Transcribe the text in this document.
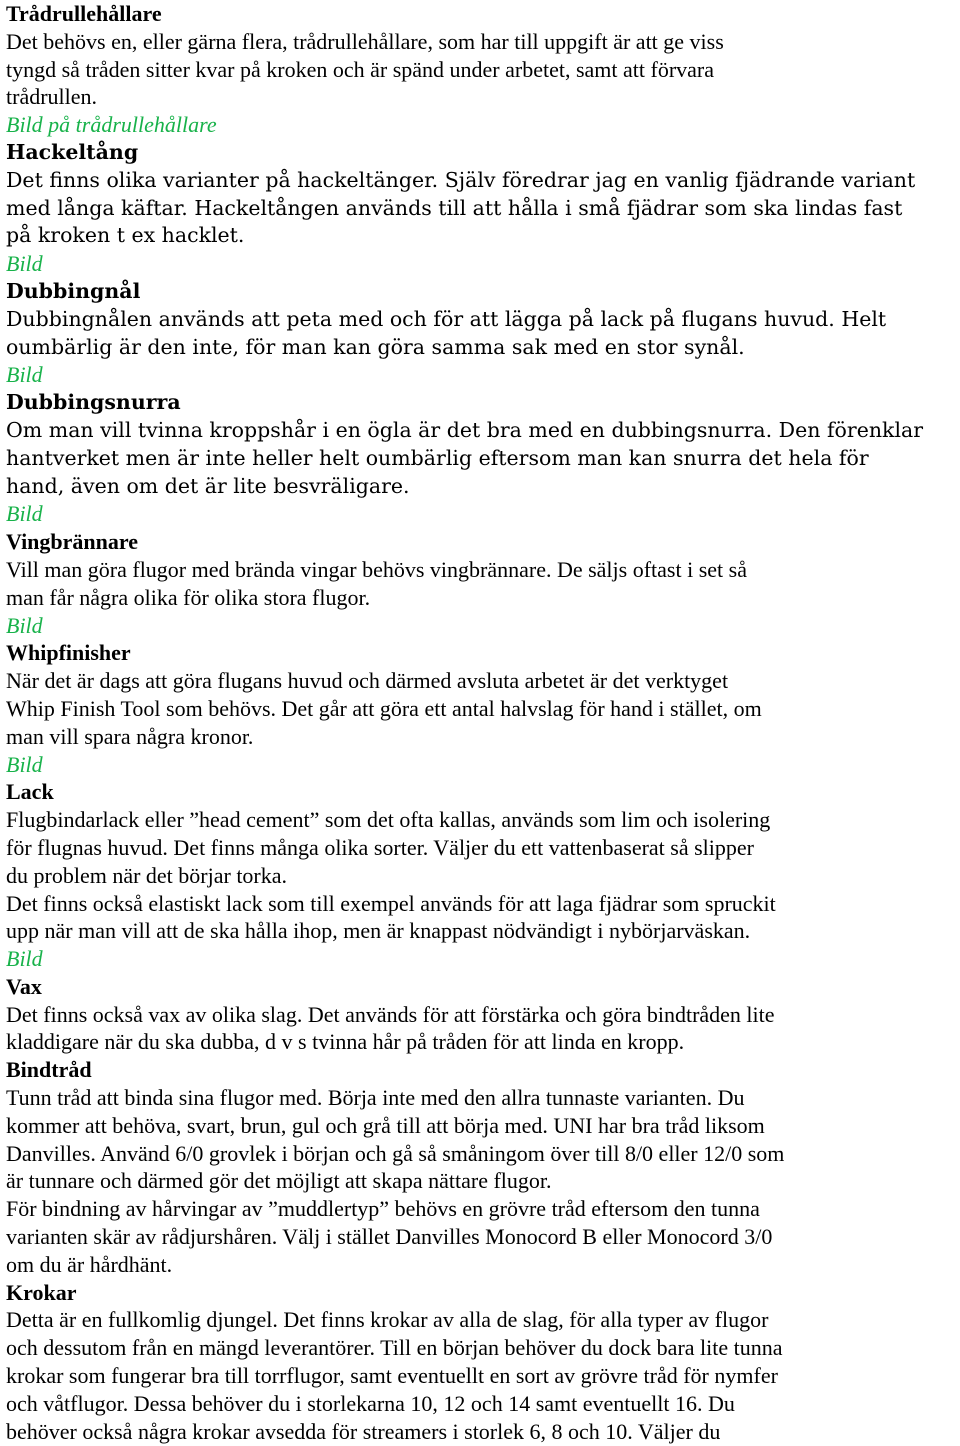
Trådrullehållare
Det behövs en, eller gärna flera, trådrullehållare, som har till uppgift är att ge viss
tyngd så tråden sitter kvar på kroken och är spänd under arbetet, samt att förvara
trådrullen.
Bild på trådrullehållare
Hackeltång
Det finns olika varianter på hackeltänger. Själv föredrar jag en vanlig fjädrande variant
med långa käftar. Hackeltången används till att hålla i små fjädrar som ska lindas fast
på kroken t ex hacklet.
Bild
Dubbingnål
Dubbingnålen används att peta med och för att lägga på lack på flugans huvud. Helt
oumbärlig är den inte, för man kan göra samma sak med en stor synål.
Bild
Dubbingsnurra
Om man vill tvinna kroppshår i en ögla är det bra med en dubbingsnurra. Den förenklar
hantverket men är inte heller helt oumbärlig eftersom man kan snurra det hela för
hand, även om det är lite besvräligare.
Bild
Vingbrännare
Vill man göra flugor med brända vingar behövs vingbrännare. De säljs oftast i set så
man får några olika för olika stora flugor.
Bild
Whipfinisher
När det är dags att göra flugans huvud och därmed avsluta arbetet är det verktyget
Whip Finish Tool som behövs. Det går att göra ett antal halvslag för hand i stället, om
man vill spara några kronor.
Bild
Lack
Flugbindarlack eller ”head cement” som det ofta kallas, används som lim och isolering
för flugnas huvud. Det finns många olika sorter. Väljer du ett vattenbaserat så slipper
du problem när det börjar torka.
Det finns också elastiskt lack som till exempel används för att laga fjädrar som spruckit
upp när man vill att de ska hålla ihop, men är knappast nödvändigt i nybörjarväskan.
Bild
Vax
Det finns också vax av olika slag. Det används för att förstärka och göra bindtråden lite
kladdigare när du ska dubba, d v s tvinna hår på tråden för att linda en kropp.
Bindtråd
Tunn tråd att binda sina flugor med. Börja inte med den allra tunnaste varianten. Du
kommer att behöva, svart, brun, gul och grå till att börja med. UNI har bra tråd liksom
Danvilles. Använd 6/0 grovlek i början och gå så småningom över till 8/0 eller 12/0 som
är tunnare och därmed gör det möjligt att skapa nättare flugor.
För bindning av hårvingar av ”muddlertyp” behövs en grövre tråd eftersom den tunna
varianten skär av rådjurshåren. Välj i stället Danvilles Monocord B eller Monocord 3/0
om du är hårdhänt.
Krokar
Detta är en fullkomlig djungel. Det finns krokar av alla de slag, för alla typer av flugor
och dessutom från en mängd leverantörer. Till en början behöver du dock bara lite tunna
krokar som fungerar bra till torrflugor, samt eventuellt en sort av grövre tråd för nymfer
och våtflugor. Dessa behöver du i storlekarna 10, 12 och 14 samt eventuellt 16. Du
behöver också några krokar avsedda för streamers i storlek 6, 8 och 10. Väljer du
